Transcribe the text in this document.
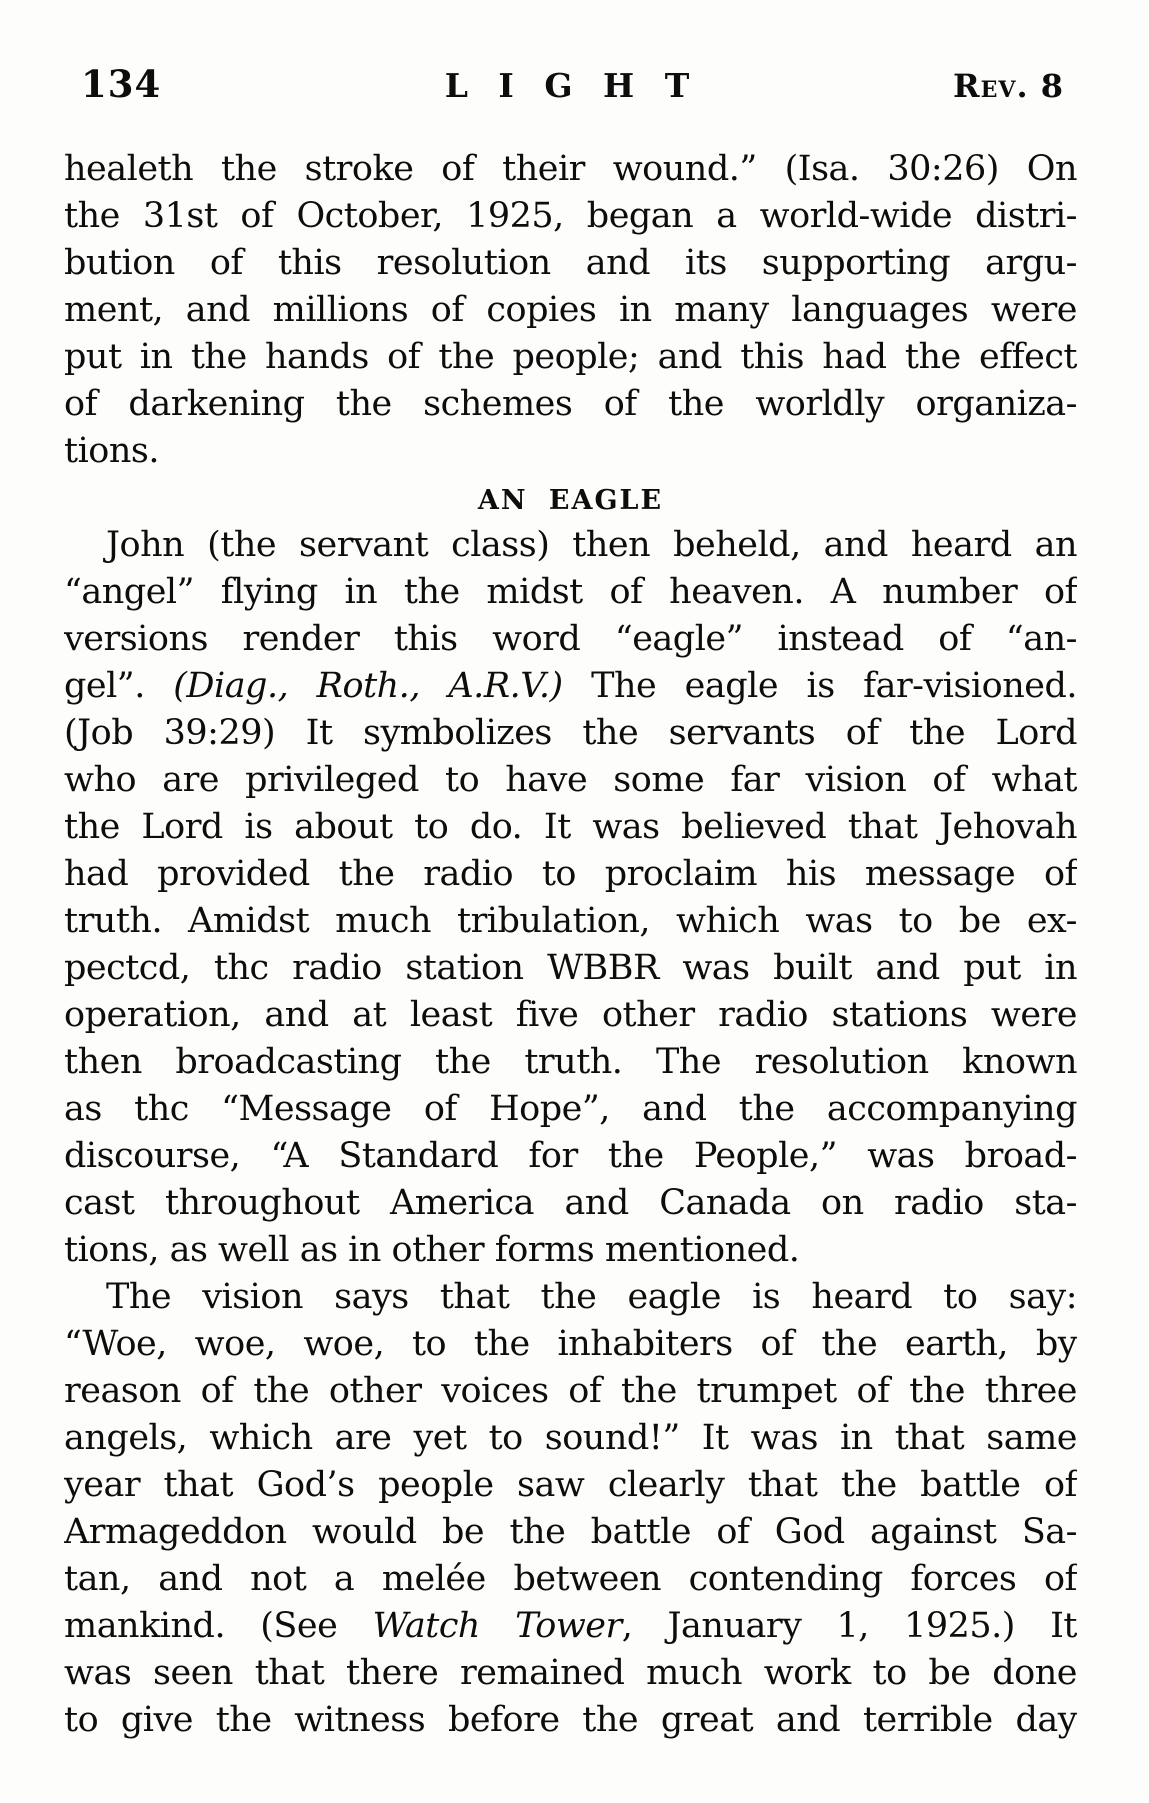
134	L I G H T	Rev. 8
healeth the stroke of their wound.” (Isa. 30:26) On
the 31st of October, 1925, began a world-wide distri-
bution of this resolution and its supporting argu-
ment, and millions of copies in many languages were
put in the hands of the people; and this had the effect
of darkening the schemes of the worldly organiza-
tions.
AN EAGLE
John (the servant class) then beheld, and heard an
“angel” flying in the midst of heaven. A number of
versions render this word “eagle” instead of “an-
gel”. (Diag., Roth., A.R.V.) The eagle is far-visioned.
(Job 39:29) It symbolizes the servants of the Lord
who are privileged to have some far vision of what
the Lord is about to do. It was believed that Jehovah
had provided the radio to proclaim his message of
truth. Amidst much tribulation, which was to be ex-
pectcd, thc radio station WBBR was built and put in
operation, and at least five other radio stations were
then broadcasting the truth. The resolution known
as thc “Message of Hope”, and the accompanying
discourse, “A Standard for the People,” was broad-
cast throughout America and Canada on radio sta-
tions, as well as in other forms mentioned.
The vision says that the eagle is heard to say:
“Woe, woe, woe, to the inhabiters of the earth, by
reason of the other voices of the trumpet of the three
angels, which are yet to sound!” It was in that same
year that God’s people saw clearly that the battle of
Armageddon would be the battle of God against Sa-
tan, and not a melée between contending forces of
mankind. (See Watch Tower, January 1, 1925.) It
was seen that there remained much work to be done
to give the witness before the great and terrible day
